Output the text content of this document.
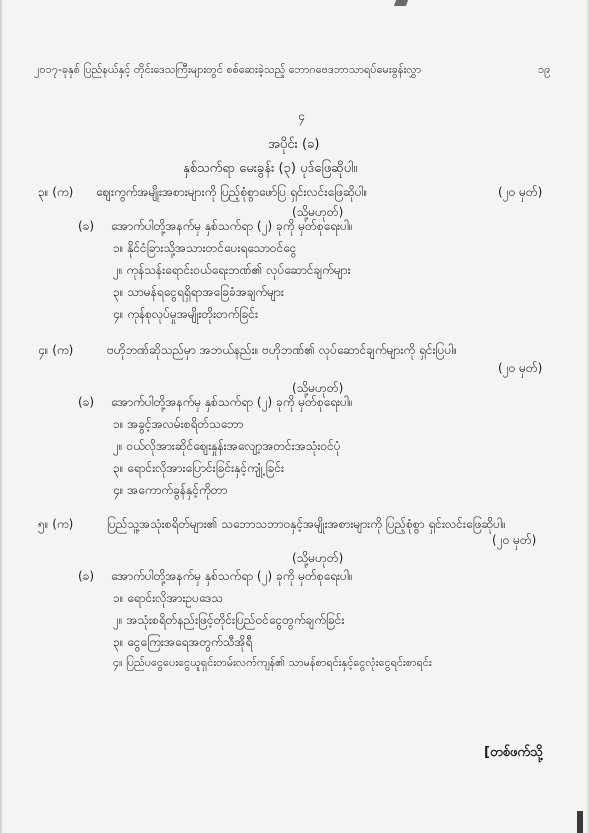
၂၀၁၇-ခုနှစ် ပြည်နယ်နှင့် တိုင်းဒေသကြီးများတွင် စစ်ဆေးခဲ့သည့် ဘောဂဗေဒဘာသာရပ်မေးခွန်းလွှာ	၁၉
၄
အပိုင်း (ခ)
နှစ်သက်ရာ မေးခွန်း (၃) ပုဒ်ဖြေဆိုပါ။
၃။ (က) ဈေးကွက်အမျိုးအစားများကို ပြည့်စုံစွာဖော်ပြ ရှင်းလင်းဖြေဆိုပါ။	(၂၀ မှတ်)
(သို့မဟုတ်)
(ခ) အောက်ပါတို့အနက်မှ နှစ်သက်ရာ (၂) ခုကို မှတ်စုရေးပါ။
၁။ နိုင်ငံခြားသို့အသားတင်ပေးရသောဝင်ငွေ
၂။ ကုန်သန်းရောင်းဝယ်ရေးဘဏ်၏ လုပ်ဆောင်ချက်များ
၃။ သာမန်ရငွေရရှိရာအခြေခံအချက်များ
၄။ ကုန်စုလုပ်မှုအမျိုးတိုးတက်ခြင်း
၄။ (က)	ဗဟိုဘဏ်ဆိုသည်မှာ အဘယ်နည်း။ ဗဟိုဘဏ်၏ လုပ်ဆောင်ချက်များကို ရှင်းပြပါ။
(၂၀ မှတ်)
(သို့မဟုတ်)
(ခ) အောက်ပါတို့အနက်မှ နှစ်သက်ရာ (၂) ခုကို မှတ်စုရေးပါ။
၁။ အခွင့်အလမ်းစရိတ်သဘော
၂။ ဝယ်လိုအားဆိုင်ဈေးနှုန်းအလျော့အတင်းအသုံးဝင်ပုံ
၃။ ရောင်းလိုအားပြောင်းခြင်းနှင့်ကျုံ့ခြင်း
၄။ အကောက်ခွန်နှင့်ကိုတာ
၅။ (က)	ပြည်သူ့အသုံးစရိတ်များ၏ သဘောသဘာဝနှင့်အမျိုးအစားများကို ပြည့်စုံစွာ ရှင်းလင်းဖြေဆိုပါ။
(၂၀ မှတ်)
(သို့မဟုတ်)
(ခ) အောက်ပါတို့အနက်မှ နှစ်သက်ရာ (၂) ခုကို မှတ်စုရေးပါ။
၁။ ရောင်းလိုအားဥပဒေသ
၂။ အသုံးစရိတ်နည်းဖြင့်တိုင်းပြည်ဝင်ငွေတွက်ချက်ခြင်း
၃။ ငွေကြေးအရေအတွက်သီအိုရီ
၄။ ပြည်ပငွေပေးငွေယူရှင်းတမ်းလက်ကျန်၏ သာမန်စာရင်းနှင့်ငွေလုံးငွေရင်းစာရင်း
[တစ်ဖက်သို့
